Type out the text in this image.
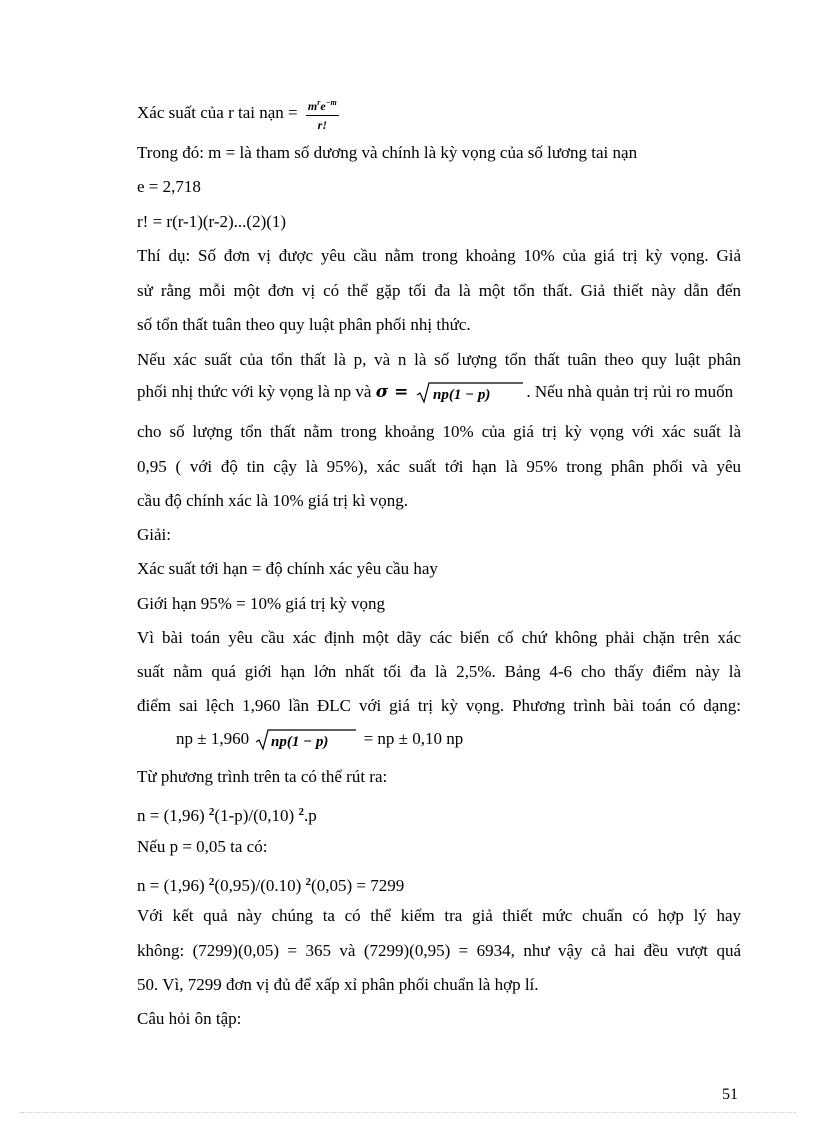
Xác suất của r tai nạn = $\frac{m^re^{-m}}{r!}$
Trong đó: m = là tham số dương và chính là kỳ vọng của số lương tai nạn
e = 2,718
r! = r(r-1)(r-2)...(2)(1)
Thí dụ: Số đơn vị được yêu cầu nằm trong khoảng 10% của giá trị kỳ vọng. Giả
sử rằng mỗi một đơn vị có thể gặp tối đa là một tổn thất. Giả thiết này dẫn đến
số tổn thất tuân theo quy luật phân phối nhị thức.
Nếu xác suất của tổn thất là p, và n là số lượng tổn thất tuân theo quy luật phân
phối nhị thức với kỳ vọng là np và σ = np(1 − p) . Nếu nhà quản trị rủi ro muốn
cho số lượng tổn thất nằm trong khoảng 10% của giá trị kỳ vọng với xác suất là
0,95 ( với độ tin cậy là 95%), xác suất tới hạn là 95% trong phân phối và yêu
cầu độ chính xác là 10% giá trị kì vọng.
Giải:
Xác suất tới hạn = độ chính xác yêu cầu hay
Giới hạn 95% = 10% giá trị kỳ vọng
Vì bài toán yêu cầu xác định một dãy các biến cố chứ không phải chặn trên xác
suất nằm quá giới hạn lớn nhất tối đa là 2,5%. Bảng 4-6 cho thấy điểm này là
điểm sai lệch 1,960 lần ĐLC với giá trị kỳ vọng. Phương trình bài toán có dạng:
np ± 1,960 np(1 − p) = np ± 0,10 np
Từ phương trình trên ta có thể rút ra:
n = (1,96) $^2$(1-p)/(0,10) $^2$.p
Nếu p = 0,05 ta có:
n = (1,96) $^2$(0,95)/(0.10) $^2$(0,05) = 7299
Với kết quả này chúng ta có thể kiểm tra giả thiết mức chuẩn có hợp lý hay
không: (7299)(0,05) = 365 và (7299)(0,95) = 6934, như vậy cả hai đều vượt quá
50. Vì, 7299 đơn vị đủ để xấp xỉ phân phối chuẩn là hợp lí.
Câu hỏi ôn tập:
51
